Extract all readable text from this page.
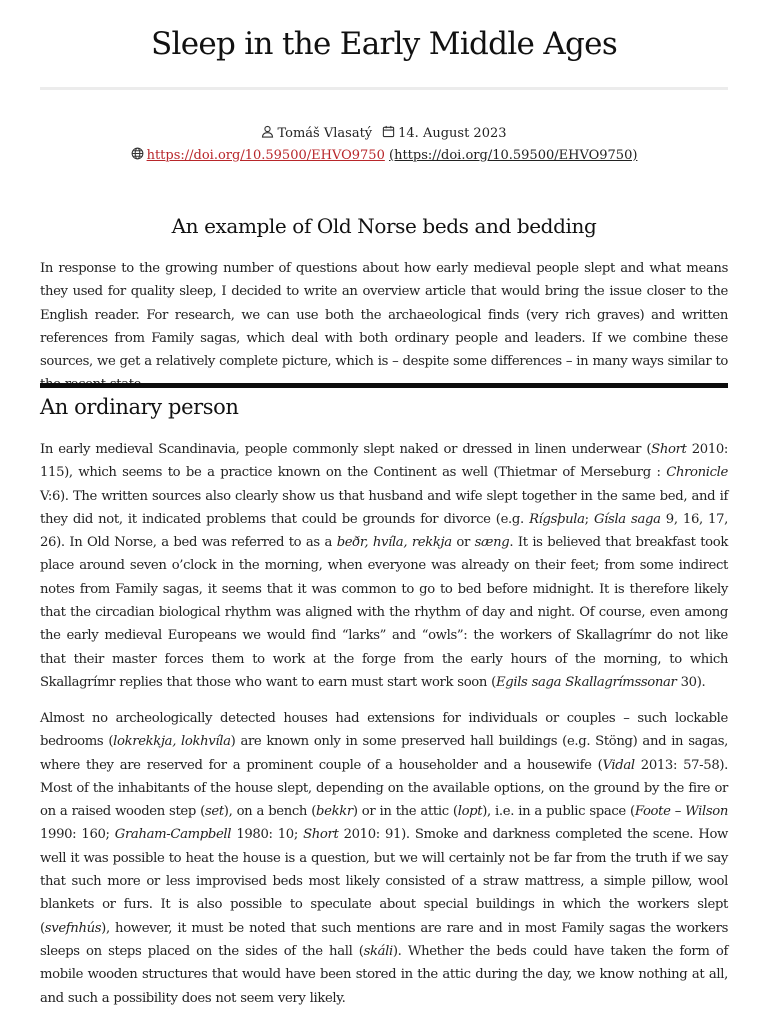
Sleep in the Early Middle Ages
Tomáš Vlasatý 14. August 2023
https://doi.org/10.59500/EHVO9750
(https://doi.org/10.59500/EHVO9750)
An example of Old Norse beds and bedding

In response to the growing number of questions about how early medieval people slept and what means they used for quality sleep, I decided to write an overview article that would bring the issue closer to the English reader. For research, we can use both the archaeological finds (very rich graves) and written references from Family sagas, which deal with both ordinary people and leaders. If we combine these sources, we get a relatively complete picture, which is – despite some differences – in many ways similar to

An ordinary person

In early medieval Scandinavia, people commonly slept naked or dressed in linen underwear (Short 2010: 115), which seems to be a practice known on the Continent as well (Thietmar of Merseburg : Chronicle V:6). The written sources also clearly show us that husband and wife slept together in the same bed, and if they did not, it indicated problems that could be grounds for divorce (e.g. Rígsþula; Gísla saga 9, 16, 17, 26). In Old Norse, a bed was referred to as a beðr, hvíla, rekkja or sæng. It is believed that breakfast took place around seven o’clock in the morning, when everyone was already on their feet; from some indirect notes from Family sagas, it seems that it was common to go to bed before midnight. It is therefore likely that the circadian biological rhythm was aligned with the rhythm of day and night. Of course, even among the early medieval Europeans we would find “larks” and “owls”: the workers of Skallagrímr do not like that their master forces them to work at the forge from the early hours of the morning, to which Skallagrímr replies that those who want to earn must start work soon (Egils saga Skallagrímssonar 30).

Almost no archeologically detected houses had extensions for individuals or couples – such lockable bedrooms (lokrekkja, lokhvíla) are known only in some preserved hall buildings (e.g. Stöng) and in sagas, where they are reserved for a prominent couple of a householder and a housewife (Vidal 2013: 57-58). Most of the inhabitants of the house slept, depending on the available options, on the ground by the fire or on a raised wooden step (set), on a bench (bekkr) or in the attic (lopt), i.e. in a public space (Foote – Wilson 1990: 160; Graham-Campbell 1980: 10; Short 2010: 91). Smoke and darkness completed the scene. How well it was possible to heat the house is a question, but we will certainly not be far from the truth if we say that such more or less improvised beds most likely consisted of a straw mattress, a simple pillow, wool blankets or furs. It is also possible to speculate about special buildings in which the workers slept (svefnhús), however, it must be noted that such mentions are rare and in most Family sagas the workers sleeps on steps placed on the sides of the hall (skáli). Whether the beds could have taken the form of mobile wooden structures that would have been stored in the attic during the day, we know nothing at all, and such a possibility does not seem very likely.
